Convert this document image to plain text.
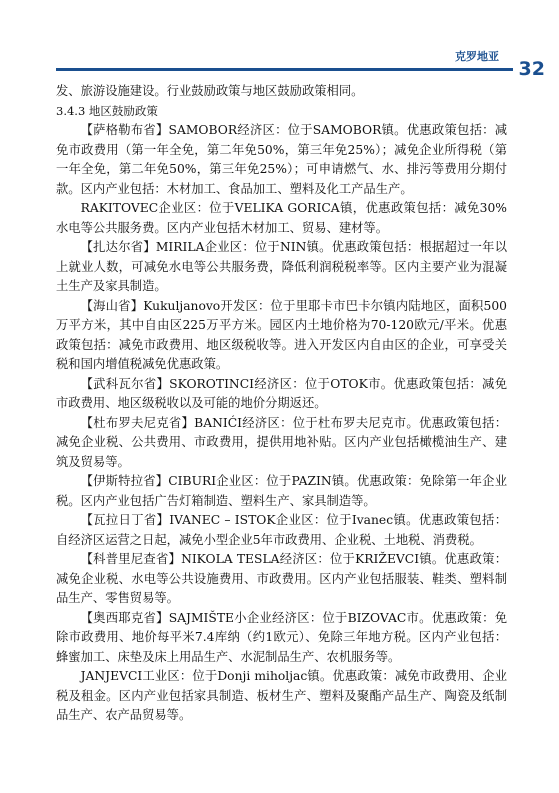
克罗地亚
32

发、旅游设施建设。行业鼓励政策与地区鼓励政策相同。

3.4.3 地区鼓励政策

【萨格勒布省】SAMOBOR经济区：位于SAMOBOR镇。优惠政策包括：减免市政费用（第一年全免，第二年免50%，第三年免25%）；减免企业所得税（第一年全免，第二年免50%，第三年免25%）；可申请燃气、水、排污等费用分期付款。区内产业包括：木材加工、食品加工、塑料及化工产品生产。

RAKITOVEC企业区：位于VELIKA GORICA镇，优惠政策包括：减免30%水电等公共服务费。区内产业包括木材加工、贸易、建材等。

【扎达尔省】MIRILA企业区：位于NIN镇。优惠政策包括：根据超过一年以上就业人数，可减免水电等公共服务费，降低利润税税率等。区内主要产业为混凝土生产及家具制造。

【海山省】Kukuljanovo开发区：位于里耶卡市巴卡尔镇内陆地区，面积500万平方米，其中自由区225万平方米。园区内土地价格为70-120欧元/平米。优惠政策包括：减免市政费用、地区级税收等。进入开发区内自由区的企业，可享受关税和国内增值税减免优惠政策。

【武科瓦尔省】SKOROTINCI经济区：位于OTOK市。优惠政策包括：减免市政费用、地区级税收以及可能的地价分期返还。

【杜布罗夫尼克省】BANIĆI经济区：位于杜布罗夫尼克市。优惠政策包括：减免企业税、公共费用、市政费用，提供用地补贴。区内产业包括橄榄油生产、建筑及贸易等。

【伊斯特拉省】CIBURI企业区：位于PAZIN镇。优惠政策：免除第一年企业税。区内产业包括广告灯箱制造、塑料生产、家具制造等。

【瓦拉日丁省】IVANEC – ISTOK企业区：位于Ivanec镇。优惠政策包括：自经济区运营之日起，减免小型企业5年市政费用、企业税、土地税、消费税。

【科普里尼查省】NIKOLA TESLA经济区：位于KRIŽEVCI镇。优惠政策：减免企业税、水电等公共设施费用、市政费用。区内产业包括服装、鞋类、塑料制品生产、零售贸易等。

【奥西耶克省】SAJMIŠTE小企业经济区：位于BIZOVAC市。优惠政策：免除市政费用、地价每平米7.4库纳（约1欧元）、免除三年地方税。区内产业包括：蜂蜜加工、床垫及床上用品生产、水泥制品生产、农机服务等。

JANJEVCI工业区：位于Donji miholjac镇。优惠政策：减免市政费用、企业税及租金。区内产业包括家具制造、板材生产、塑料及聚酯产品生产、陶瓷及纸制品生产、农产品贸易等。
